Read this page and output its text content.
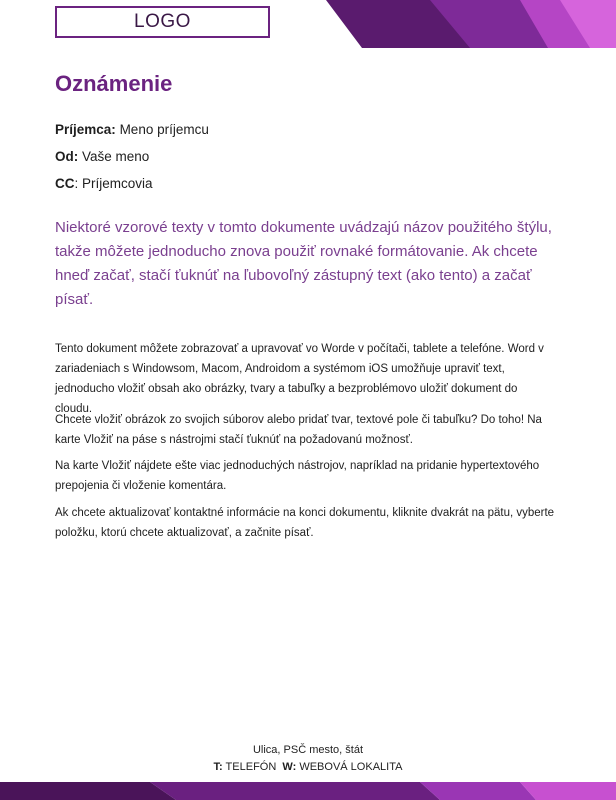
LOGO
Oznámenie
Príjemca: Meno príjemcu
Od: Vaše meno
CC: Príjemcovia

Niektoré vzorové texty v tomto dokumente uvádzajú názov použitého štýlu, takže môžete jednoducho znova použiť rovnaké formátovanie. Ak chcete hneď začať, stačí ťuknúť na ľubovoľný zástupný text (ako tento) a začať písať.

Tento dokument môžete zobrazovať a upravovať vo Worde v počítači, tablete a telefóne. Word v zariadeniach s Windowsom, Macom, Androidom a systémom iOS umožňuje upraviť text, jednoducho vložiť obsah ako obrázky, tvary a tabuľky a bezproblémovo uložiť dokument do cloudu.

Chcete vložiť obrázok zo svojich súborov alebo pridať tvar, textové pole či tabuľku? Do toho! Na karte Vložiť na páse s nástrojmi stačí ťuknúť na požadovanú možnosť.

Na karte Vložiť nájdete ešte viac jednoduchých nástrojov, napríklad na pridanie hypertextového prepojenia či vloženie komentára.

Ak chcete aktualizovať kontaktné informácie na konci dokumentu, kliknite dvakrát na pätu, vyberte položku, ktorú chcete aktualizovať, a začnite písať.

Ulica, PSČ mesto, štát
T: TELEFÓN W: WEBOVÁ LOKALITA
